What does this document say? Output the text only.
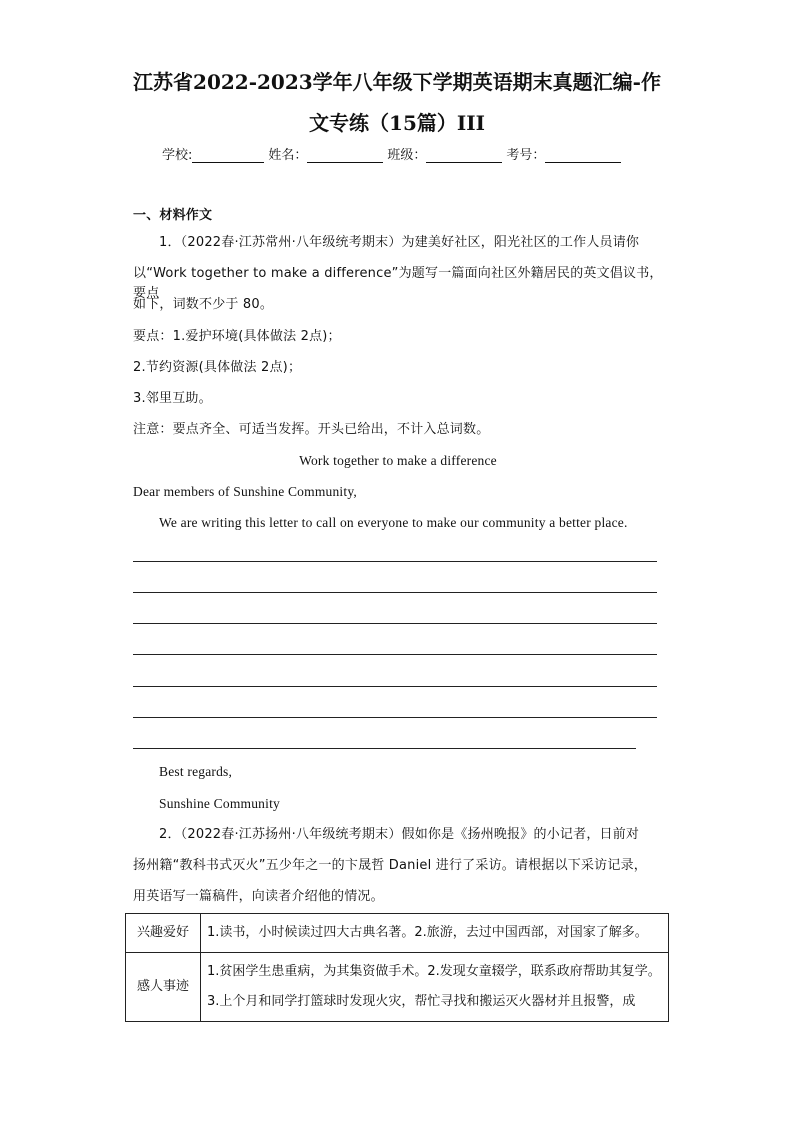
江苏省2022-2023学年八年级下学期英语期末真题汇编-作
文专练（15篇）III
学校:	姓名：	班级：	考号：
一、材料作文
1．（2022春·江苏常州·八年级统考期末）为建美好社区，阳光社区的工作人员请你
以“Work together to make a difference”为题写一篇面向社区外籍居民的英文倡议书，要点
如下，词数不少于 80。
要点：1.爱护环境(具体做法 2点)；
2.节约资源(具体做法 2点)；
3.邻里互助。
注意：要点齐全、可适当发挥。开头已给出，不计入总词数。
Work together to make a difference
Dear members of Sunshine Community,
We are writing this letter to call on everyone to make our community a better place.
Best regards,
Sunshine Community
2．（2022春·江苏扬州·八年级统考期末）假如你是《扬州晚报》的小记者，日前对
扬州籍“教科书式灭火”五少年之一的卞晟哲 Daniel 进行了采访。请根据以下采访记录，
用英语写一篇稿件，向读者介绍他的情况。
兴趣爱好	1.读书，小时候读过四大古典名著。2.旅游，去过中国西部，对国家了解多。

感人事迹	1.贫困学生患重病，为其集资做手术。2.发现女童辍学，联系政府帮助其复学。
3.上个月和同学打篮球时发现火灾，帮忙寻找和搬运灭火器材并且报警，成
